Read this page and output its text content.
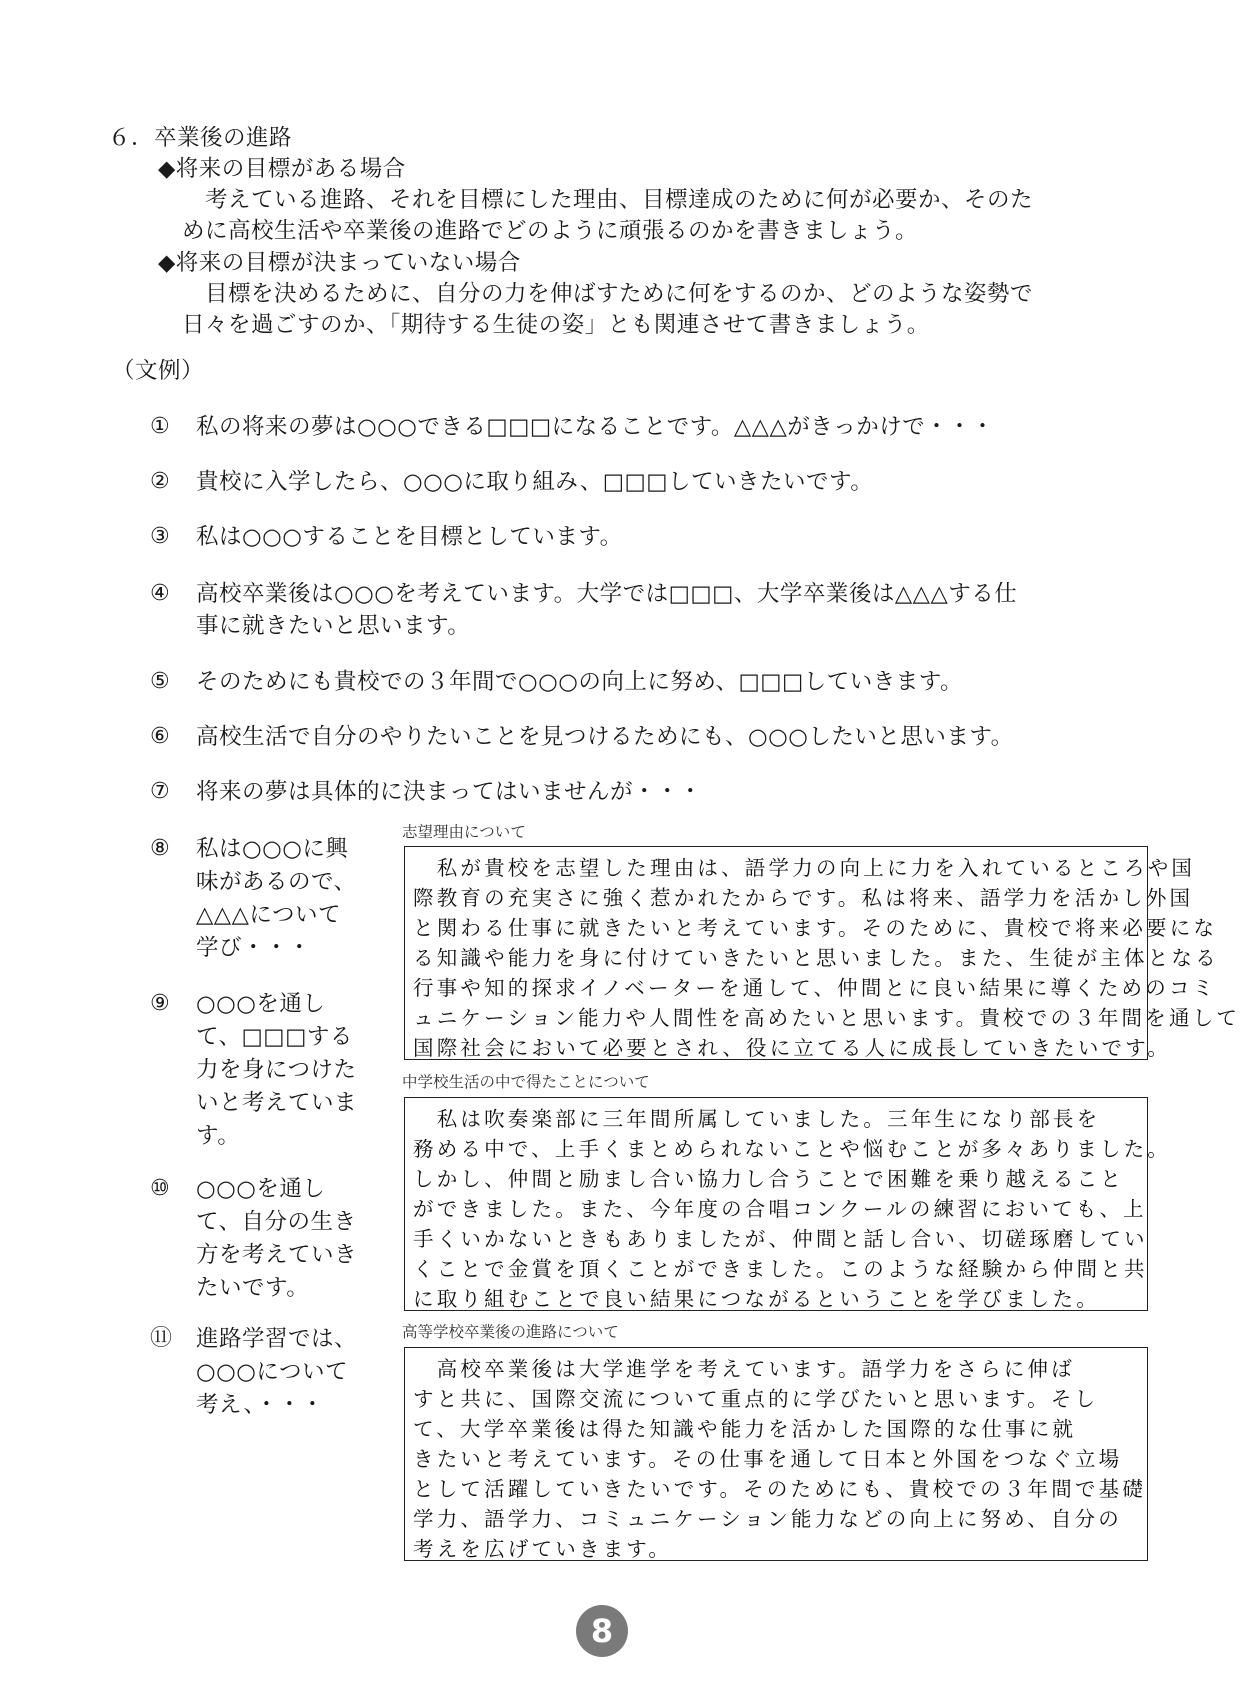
６．卒業後の進路
◆将来の目標がある場合
　考えている進路、それを目標にした理由、目標達成のために何が必要か、そのた
めに高校生活や卒業後の進路でどのように頑張るのかを書きましょう。
◆将来の目標が決まっていない場合
　目標を決めるために、自分の力を伸ばすために何をするのか、どのような姿勢で
日々を過ごすのか、「期待する生徒の姿」とも関連させて書きましょう。
（文例）
① 私の将来の夢は○○○できる□□□になることです。△△△がきっかけで・・・
② 貴校に入学したら、○○○に取り組み、□□□していきたいです。
③ 私は○○○することを目標としています。
④ 高校卒業後は○○○を考えています。大学では□□□、大学卒業後は△△△する仕
事に就きたいと思います。
⑤ そのためにも貴校での３年間で○○○の向上に努め、□□□していきます。
⑥ 高校生活で自分のやりたいことを見つけるためにも、○○○したいと思います。
⑦ 将来の夢は具体的に決まってはいませんが・・・
⑧ 私は○○○に興
味があるので、
△△△について
学び・・・
⑨ ○○○を通し
て、□□□する
力を身につけた
いと考えていま
す。
⑩ ○○○を通し
て、自分の生き
方を考えていき
たいです。
⑪ 進路学習では、
○○○について
考え、・・・
志望理由について
　私が貴校を志望した理由は、語学力の向上に力を入れているところや国
際教育の充実さに強く惹かれたからです。私は将来、語学力を活かし外国
と関わる仕事に就きたいと考えています。そのために、貴校で将来必要にな
る知識や能力を身に付けていきたいと思いました。また、生徒が主体となる
行事や知的探求イノベーターを通して、仲間とに良い結果に導くためのコミ
ュニケーション能力や人間性を高めたいと思います。貴校での３年間を通して
国際社会において必要とされ、役に立てる人に成長していきたいです。
中学校生活の中で得たことについて
　私は吹奏楽部に三年間所属していました。三年生になり部長を
務める中で、上手くまとめられないことや悩むことが多々ありました。
しかし、仲間と励まし合い協力し合うことで困難を乗り越えること
ができました。また、今年度の合唱コンクールの練習においても、上
手くいかないときもありましたが、仲間と話し合い、切磋琢磨してい
くことで金賞を頂くことができました。このような経験から仲間と共
に取り組むことで良い結果につながるということを学びました。
高等学校卒業後の進路について
　高校卒業後は大学進学を考えています。語学力をさらに伸ば
すと共に、国際交流について重点的に学びたいと思います。そし
て、大学卒業後は得た知識や能力を活かした国際的な仕事に就
きたいと考えています。その仕事を通して日本と外国をつなぐ立場
として活躍していきたいです。そのためにも、貴校での３年間で基礎
学力、語学力、コミュニケーション能力などの向上に努め、自分の
考えを広げていきます。
8
